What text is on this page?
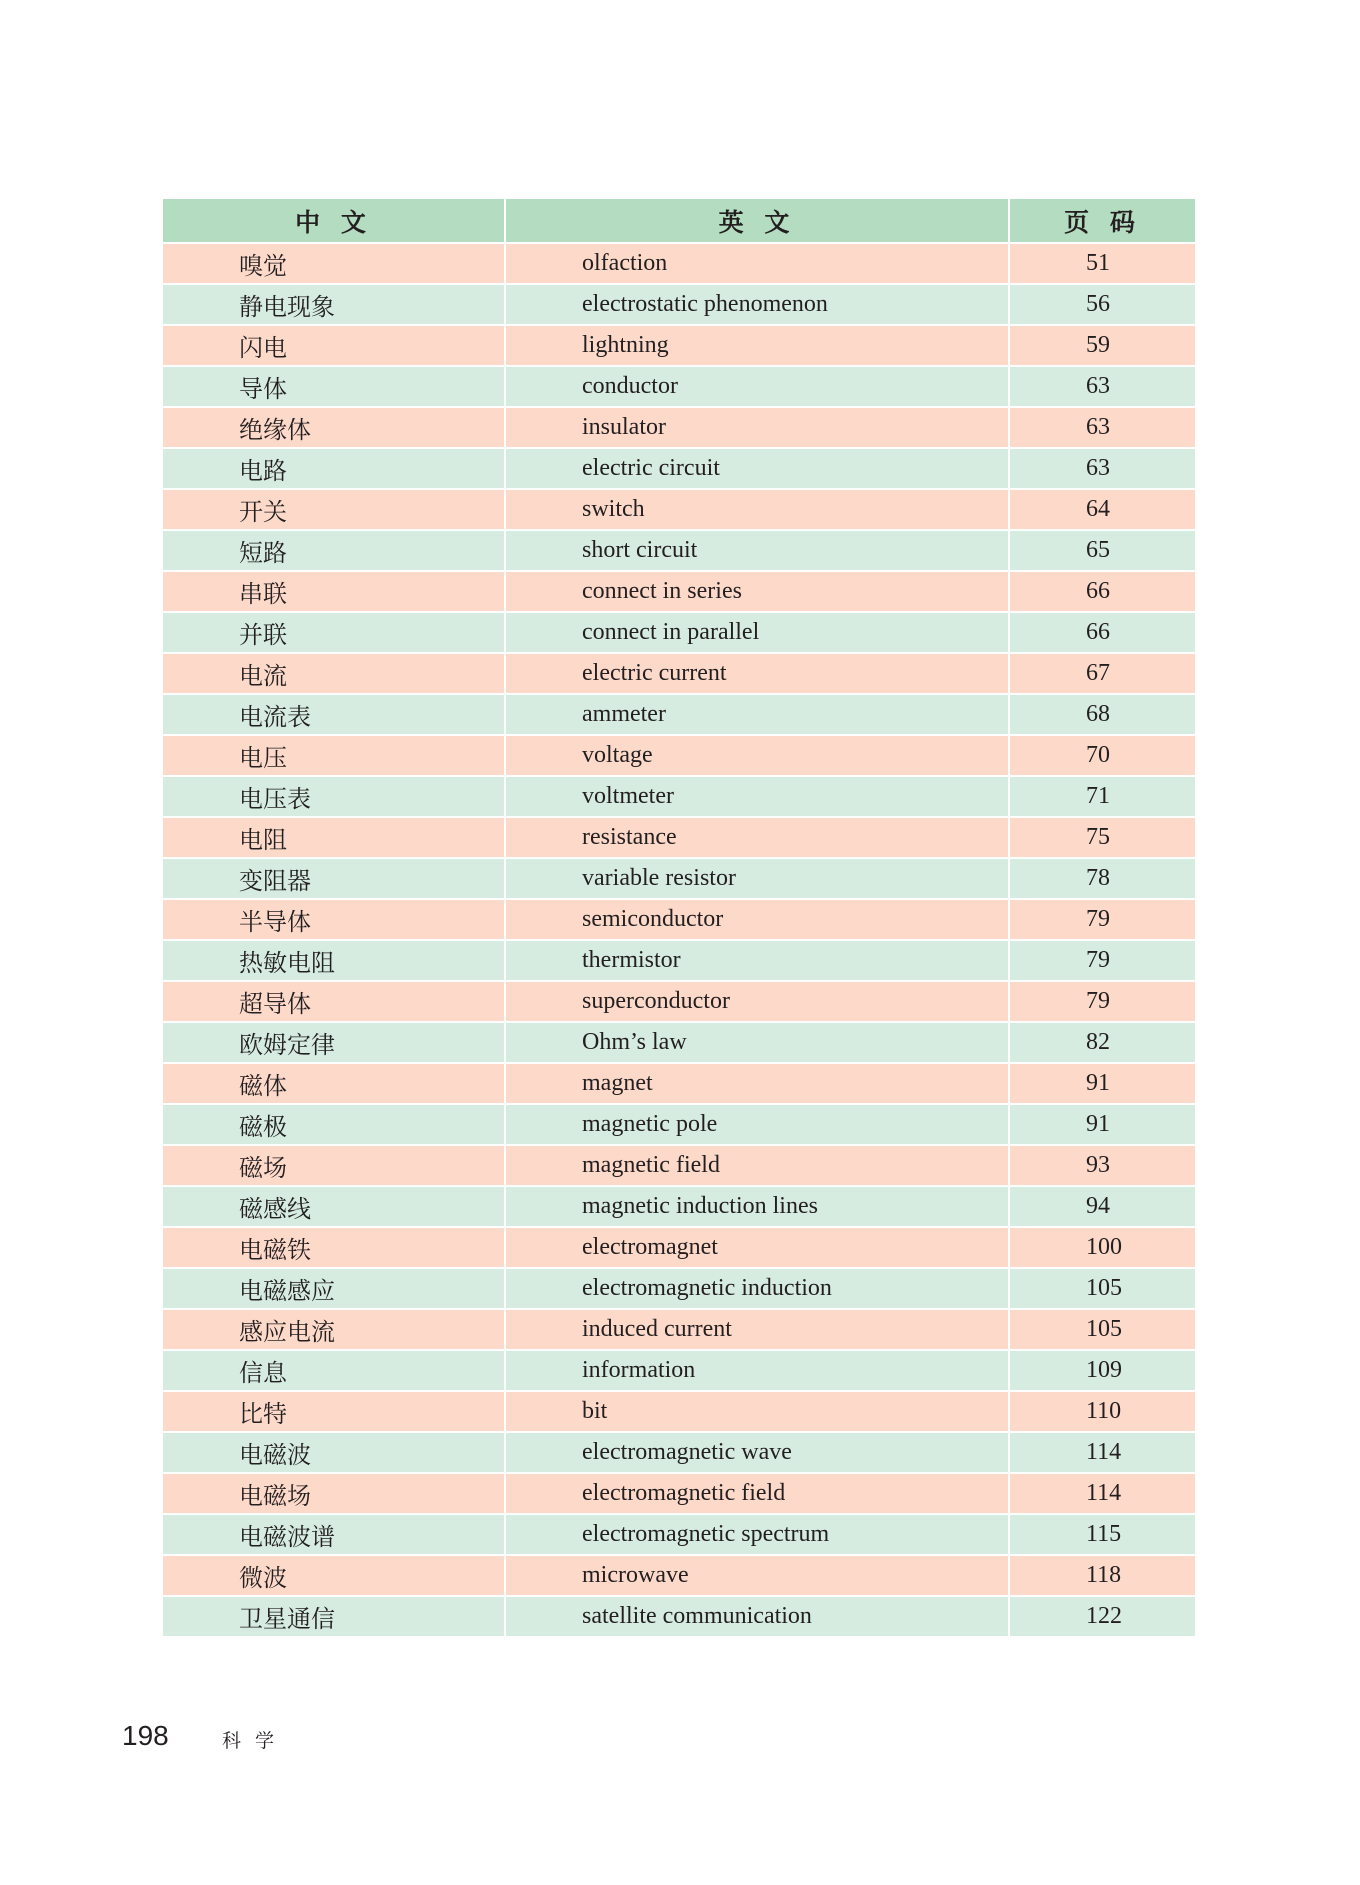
中 文	英 文	页 码
嗅觉	olfaction	51
静电现象	electrostatic phenomenon	56
闪电	lightning	59
导体	conductor	63
绝缘体	insulator	63
电路	electric circuit	63
开关	switch	64
短路	short circuit	65
串联	connect in series	66
并联	connect in parallel	66
电流	electric current	67
电流表	ammeter	68
电压	voltage	70
电压表	voltmeter	71
电阻	resistance	75
变阻器	variable resistor	78
半导体	semiconductor	79
热敏电阻	thermistor	79
超导体	superconductor	79
欧姆定律	Ohm’s law	82
磁体	magnet	91
磁极	magnetic pole	91
磁场	magnetic field	93
磁感线	magnetic induction lines	94
电磁铁	electromagnet	100
电磁感应	electromagnetic induction	105
感应电流	induced current	105
信息	information	109
比特	bit	110
电磁波	electromagnetic wave	114
电磁场	electromagnetic field	114
电磁波谱	electromagnetic spectrum	115
微波	microwave	118
卫星通信	satellite communication	122
198	科 学
